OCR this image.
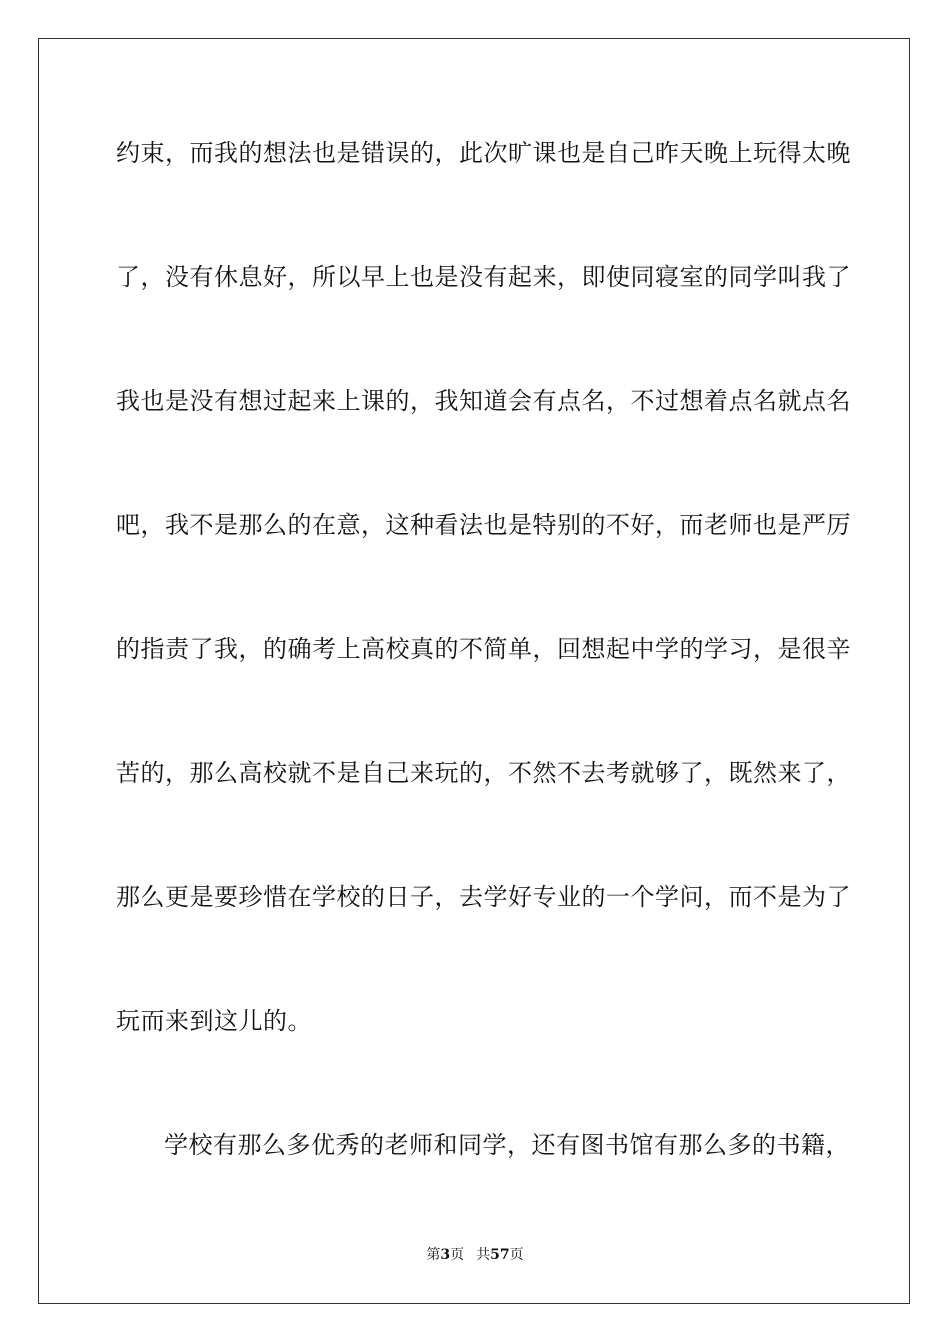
约束，而我的想法也是错误的，此次旷课也是自己昨天晚上玩得太晚
了，没有休息好，所以早上也是没有起来，即使同寝室的同学叫我了
我也是没有想过起来上课的，我知道会有点名，不过想着点名就点名
吧，我不是那么的在意，这种看法也是特别的不好，而老师也是严厉
的指责了我，的确考上高校真的不简单，回想起中学的学习，是很辛
苦的，那么高校就不是自己来玩的，不然不去考就够了，既然来了，
那么更是要珍惜在学校的日子，去学好专业的一个学问，而不是为了
玩而来到这儿的。
学校有那么多优秀的老师和同学，还有图书馆有那么多的书籍，
第3页 共57页
